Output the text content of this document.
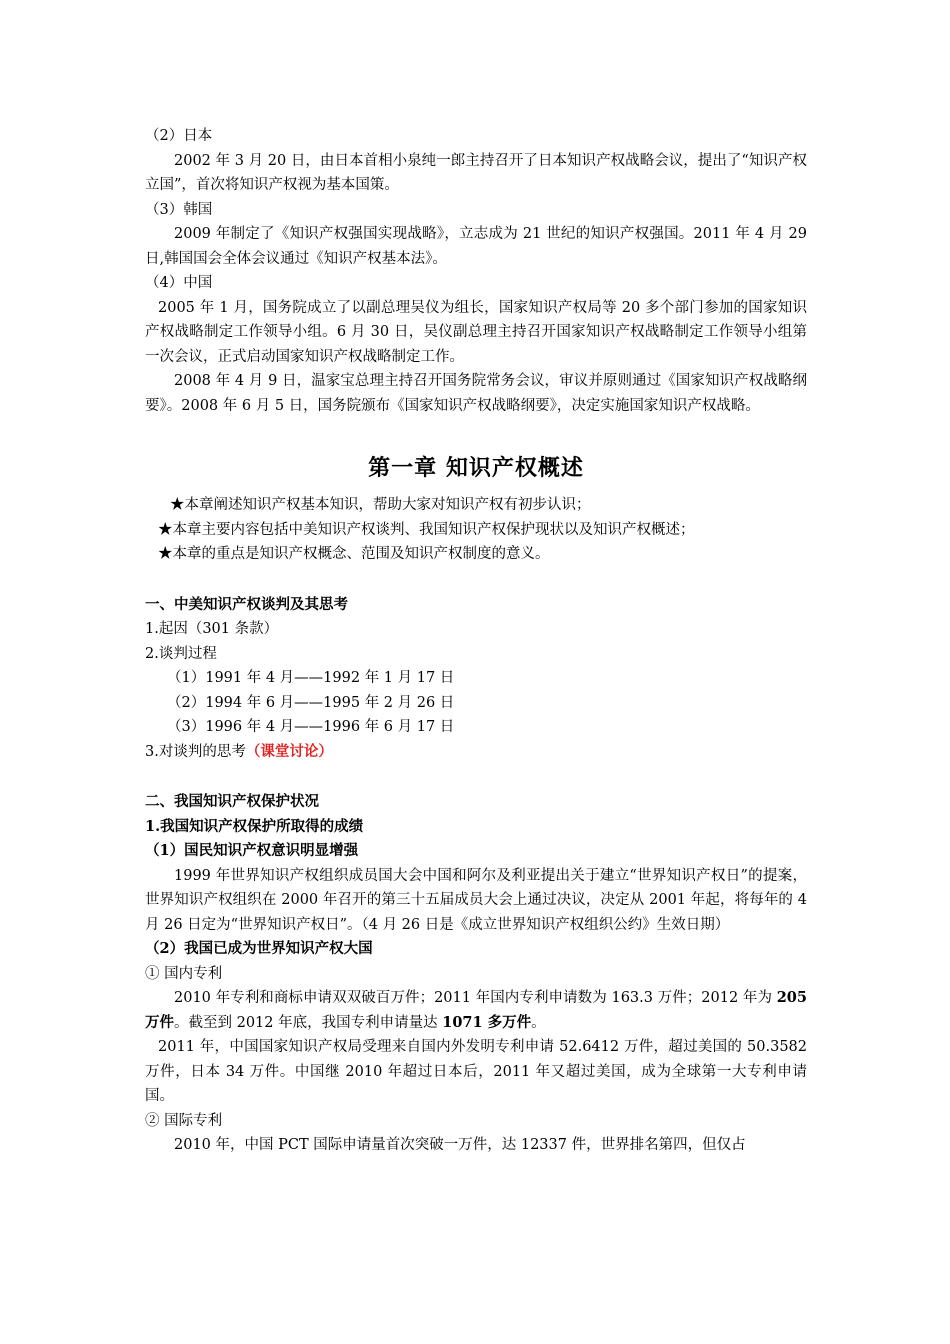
（2）日本

2002 年 3 月 20 日，由日本首相小泉纯一郎主持召开了日本知识产权战略会议，提出了“知识产权立国”，首次将知识产权视为基本国策。

（3）韩国

2009 年制定了《知识产权强国实现战略》，立志成为 21 世纪的知识产权强国。2011 年 4 月 29 日,韩国国会全体会议通过《知识产权基本法》。

（4）中国

2005 年 1 月，国务院成立了以副总理吴仪为组长，国家知识产权局等 20 多个部门参加的国家知识产权战略制定工作领导小组。6 月 30 日，吴仪副总理主持召开国家知识产权战略制定工作领导小组第一次会议，正式启动国家知识产权战略制定工作。

2008 年 4 月 9 日，温家宝总理主持召开国务院常务会议，审议并原则通过《国家知识产权战略纲要》。2008 年 6 月 5 日，国务院颁布《国家知识产权战略纲要》，决定实施国家知识产权战略。

第一章 知识产权概述

★本章阐述知识产权基本知识，帮助大家对知识产权有初步认识；

★本章主要内容包括中美知识产权谈判、我国知识产权保护现状以及知识产权概述；

★本章的重点是知识产权概念、范围及知识产权制度的意义。

一、中美知识产权谈判及其思考

1.起因（301 条款）

2.谈判过程

（1）1991 年 4 月——1992 年 1 月 17 日

（2）1994 年 6 月——1995 年 2 月 26 日

（3）1996 年 4 月——1996 年 6 月 17 日

3.对谈判的思考（课堂讨论）

二、我国知识产权保护状况

1.我国知识产权保护所取得的成绩

（1）国民知识产权意识明显增强

1999 年世界知识产权组织成员国大会中国和阿尔及利亚提出关于建立“世界知识产权日”的提案，世界知识产权组织在 2000 年召开的第三十五届成员大会上通过决议，决定从 2001 年起，将每年的 4 月 26 日定为“世界知识产权日”。（4 月 26 日是《成立世界知识产权组织公约》生效日期）

（2）我国已成为世界知识产权大国

① 国内专利

2010 年专利和商标申请双双破百万件；2011 年国内专利申请数为 163.3 万件；2012 年为 205 万件。截至到 2012 年底，我国专利申请量达 1071 多万件。

2011 年，中国国家知识产权局受理来自国内外发明专利申请 52.6412 万件，超过美国的 50.3582 万件，日本 34 万件。中国继 2010 年超过日本后，2011 年又超过美国，成为全球第一大专利申请国。

② 国际专利

2010 年，中国 PCT 国际申请量首次突破一万件，达 12337 件，世界排名第四，但仅占
